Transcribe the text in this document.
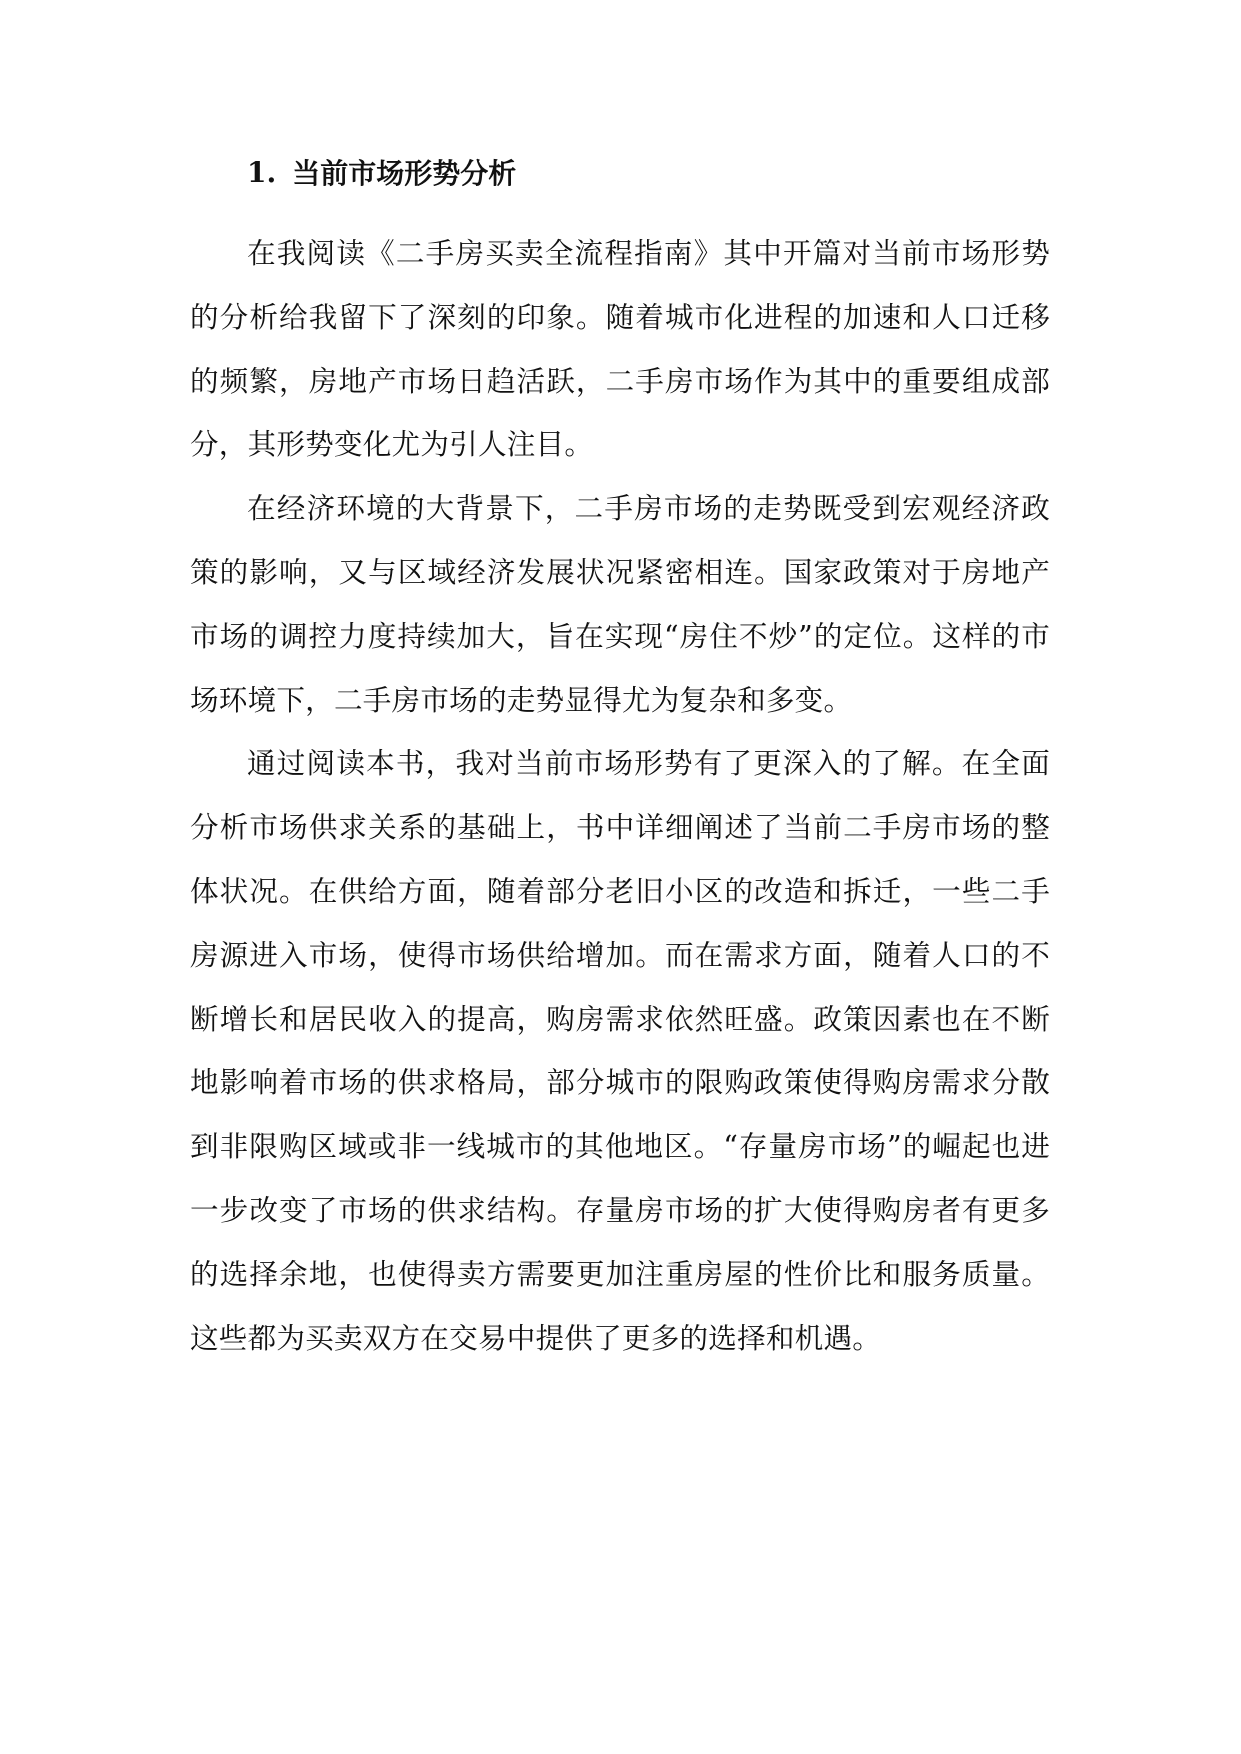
1. 当前市场形势分析

在我阅读《二手房买卖全流程指南》其中开篇对当前市场形势的分析给我留下了深刻的印象。随着城市化进程的加速和人口迁移的频繁，房地产市场日趋活跃，二手房市场作为其中的重要组成部分，其形势变化尤为引人注目。

在经济环境的大背景下，二手房市场的走势既受到宏观经济政策的影响，又与区域经济发展状况紧密相连。国家政策对于房地产市场的调控力度持续加大，旨在实现“房住不炒”的定位。这样的市场环境下，二手房市场的走势显得尤为复杂和多变。

通过阅读本书，我对当前市场形势有了更深入的了解。在全面分析市场供求关系的基础上，书中详细阐述了当前二手房市场的整体状况。在供给方面，随着部分老旧小区的改造和拆迁，一些二手房源进入市场，使得市场供给增加。而在需求方面，随着人口的不断增长和居民收入的提高，购房需求依然旺盛。政策因素也在不断地影响着市场的供求格局，部分城市的限购政策使得购房需求分散到非限购区域或非一线城市的其他地区。“存量房市场”的崛起也进一步改变了市场的供求结构。存量房市场的扩大使得购房者有更多的选择余地，也使得卖方需要更加注重房屋的性价比和服务质量。这些都为买卖双方在交易中提供了更多的选择和机遇。
